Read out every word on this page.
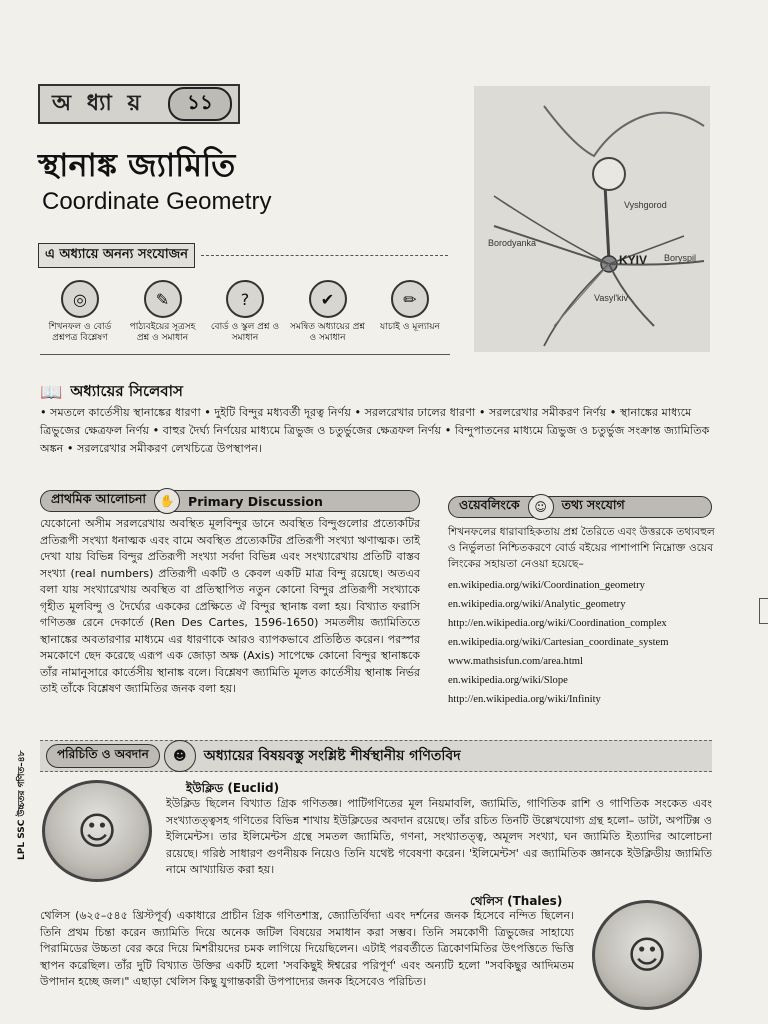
অ ধ্যা য়	১১
স্থানাঙ্ক জ্যামিতি
Coordinate Geometry
এ অধ্যায়ে অনন্য সংযোজন
◎
শিখনফল ও বোর্ড প্রশ্নপত্র বিশ্লেষণ
✎
পাঠ্যবইয়ের সূত্রসহ প্রশ্ন ও সমাধান
?
বোর্ড ও স্কুল প্রশ্ন ও সমাধান
✔
সমন্বিত অধ্যায়ের প্রশ্ন ও সমাধান
✏
যাচাই ও মূল্যায়ন
Vyshgorod
Borodyanka
Boryspil
Vasyl'kiv
KYIV
📖 অধ্যায়ের সিলেবাস
• সমতলে কার্তেসীয় স্থানাঙ্কের ধারণা • দুইটি বিন্দুর মধ্যবর্তী দূরত্ব নির্ণয় • সরলরেখার ঢালের ধারণা • সরলরেখার সমীকরণ নির্ণয় • স্থানাঙ্কের মাধ্যমে ত্রিভুজের ক্ষেত্রফল নির্ণয় • বাহুর দৈর্ঘ্য নির্ণয়ের মাধ্যমে ত্রিভুজ ও চতুর্ভুজের ক্ষেত্রফল নির্ণয় • বিন্দুপাতনের মাধ্যমে ত্রিভুজ ও চতুর্ভুজ সংক্রান্ত জ্যামিতিক অঙ্কন • সরলরেখার সমীকরণ লেখচিত্রে উপস্থাপন।
প্রাথমিক আলোচনা	✋	Primary Discussion
যেকোনো অসীম সরলরেখায় অবস্থিত মূলবিন্দুর ডানে অবস্থিত বিন্দুগুলোর প্রত্যেকটির প্রতিরূপী সংখ্যা ধনাত্মক এবং বামে অবস্থিত প্রত্যেকটির প্রতিরূপী সংখ্যা ঋণাত্মক। তাই দেখা যায় বিভিন্ন বিন্দুর প্রতিরূপী সংখ্যা সর্বদা বিভিন্ন এবং সংখ্যারেখায় প্রতিটি বাস্তব সংখ্যা (real numbers) প্রতিরূপী একটি ও কেবল একটি মাত্র বিন্দু রয়েছে। অতএব বলা যায় সংখ্যারেখায় অবস্থিত বা প্রতিস্থাপিত নতুন কোনো বিন্দুর প্রতিরূপী সংখ্যাকে গৃহীত মূলবিন্দু ও দৈর্ঘ্যের এককের প্রেক্ষিতে ঐ বিন্দুর স্থানাঙ্ক বলা হয়। বিখ্যাত ফরাসি গণিতজ্ঞ রেনে দেকার্তে (Ren Des Cartes, 1596-1650) সমতলীয় জ্যামিতিতে স্থানাঙ্কের অবতারণার মাধ্যমে এর ধারণাকে আরও ব্যাপকভাবে প্রতিষ্ঠিত করেন। পরস্পর সমকোণে ছেদ করেছে এরূপ এক জোড়া অক্ষ (Axis) সাপেক্ষে কোনো বিন্দুর স্থানাঙ্ককে তাঁর নামানুসারে কার্তেসীয় স্থানাঙ্ক বলে। বিশ্লেষণ জ্যামিতি মূলত কার্তেসীয় স্থানাঙ্ক নির্ভর তাই তাঁকে বিশ্লেষণ জ্যামিতির জনক বলা হয়।
ওয়েবলিংকে	☺	তথ্য সংযোগ
শিখনফলের ধারাবাহিকতায় প্রশ্ন তৈরিতে এবং উত্তরকে তথ্যবহুল ও নির্ভুলতা নিশ্চিতকরণে বোর্ড বইয়ের পাশাপাশি নিম্নোক্ত ওয়েব লিংকের সহায়তা নেওয়া হয়েছে–
en.wikipedia.org/wiki/Coordination_geometry
en.wikipedia.org/wiki/Analytic_geometry
http://en.wikipedia.org/wiki/Coordination_complex
en.wikipedia.org/wiki/Cartesian_coordinate_system
www.mathsisfun.com/area.html
en.wikipedia.org/wiki/Slope
http://en.wikipedia.org/wiki/Infinity
পরিচিতি ও অবদান	☻	অধ্যায়ের বিষয়বস্তু সংশ্লিষ্ট শীর্ষস্থানীয় গণিতবিদ
☺
ইউক্লিড (Euclid)
ইউক্লিড ছিলেন বিখ্যাত গ্রিক গণিতজ্ঞ। পাটিগণিতের মূল নিয়মাবলি, জ্যামিতি, গাণিতিক রাশি ও গাণিতিক সংকেত এবং সংখ্যাতত্ত্বসহ গণিতের বিভিন্ন শাখায় ইউক্লিডের অবদান রয়েছে। তাঁর রচিত তিনটি উল্লেখযোগ্য গ্রন্থ হলো– ডাটা, অপটিক্স ও ইলিমেন্টস। তার ইলিমেন্টস গ্রন্থে সমতল জ্যামিতি, গণনা, সংখ্যাতত্ত্ব, অমূলদ সংখ্যা, ঘন জ্যামিতি ইত্যাদির আলোচনা রয়েছে। গরিষ্ঠ সাধারণ গুণনীয়ক নিয়েও তিনি যথেষ্ট গবেষণা করেন। 'ইলিমেন্টস' এর জ্যামিতিক জ্ঞানকে ইউক্লিডীয় জ্যামিতি নামে আখ্যায়িত করা হয়।
থেলিস (Thales)
থেলিস (৬২৫–৫৪৫ খ্রিস্টপূর্ব) একাধারে প্রাচীন গ্রিক গণিতশাস্ত্র, জ্যোতির্বিদ্যা এবং দর্শনের জনক হিসেবে নন্দিত ছিলেন। তিনি প্রথম চিন্তা করেন জ্যামিতি দিয়ে অনেক জটিল বিষয়ের সমাধান করা সম্ভব। তিনি সমকোণী ত্রিভুজের সাহায্যে পিরামিডের উচ্চতা বের করে দিয়ে মিশরীয়দের চমক লাগিয়ে দিয়েছিলেন। এটাই পরবর্তীতে ত্রিকোণমিতির উৎপত্তিতে ভিত্তি স্থাপন করেছিল। তাঁর দুটি বিখ্যাত উক্তির একটি হলো 'সবকিছুই ঈশ্বরের পরিপূর্ণ' এবং অন্যটি হলো "সবকিছুর আদিমতম উপাদান হচ্ছে জল।" এছাড়া থেলিস কিছু যুগান্তকারী উপপাদ্যের জনক হিসেবেও পরিচিত।
☺
LPL SSC উচ্চতর গণিত–৪৮
